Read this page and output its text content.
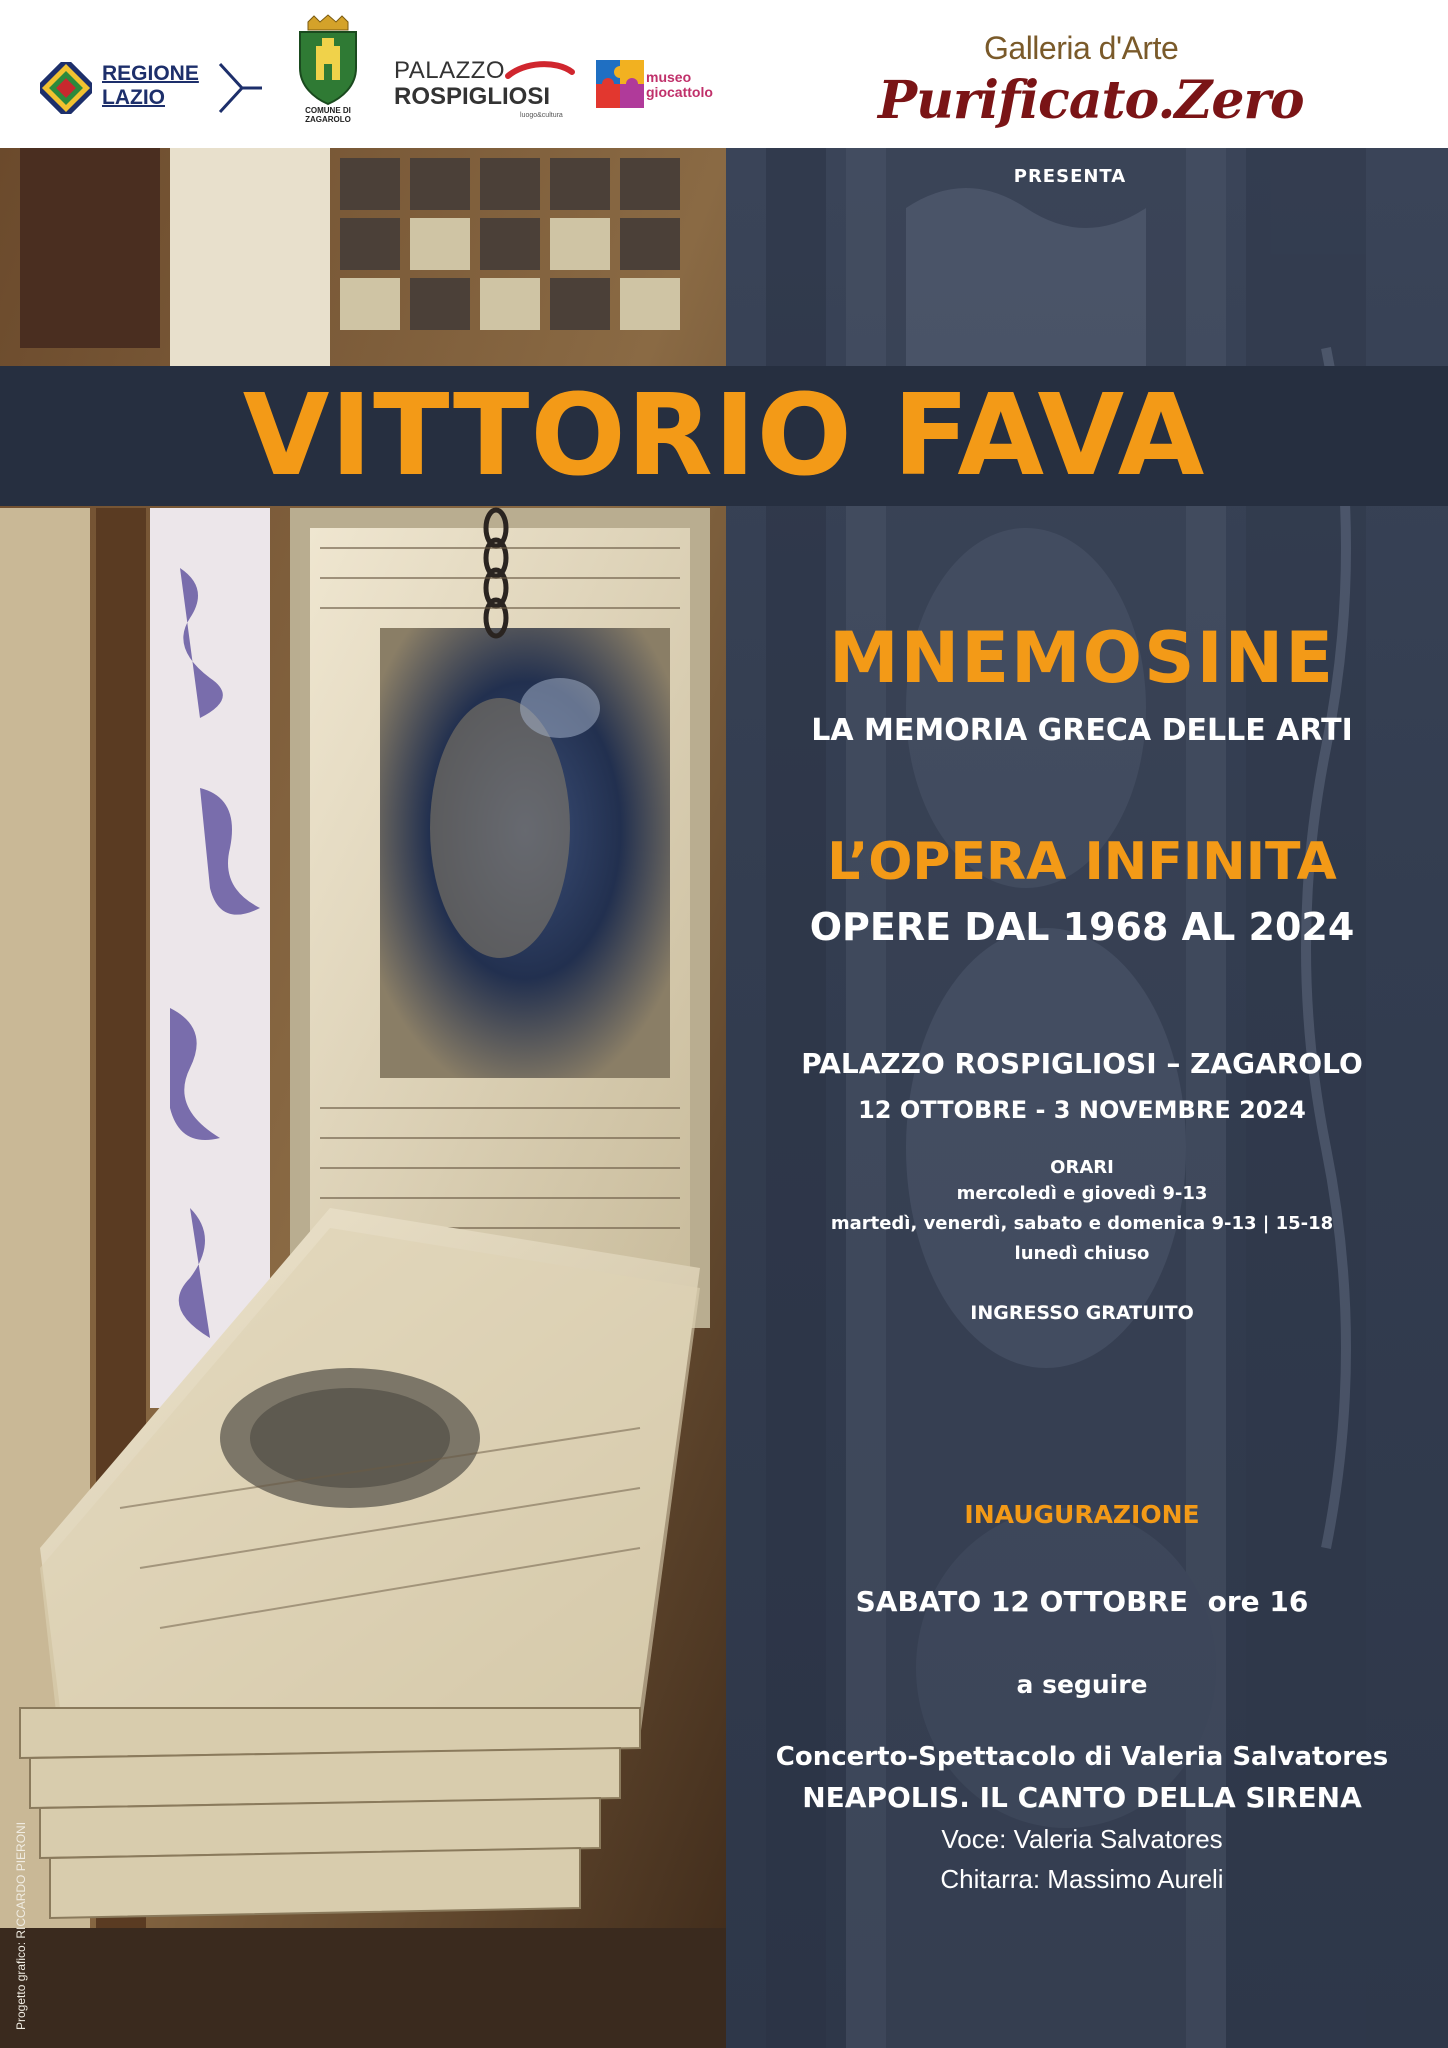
REGIONE
LAZIO
COMUNE DI
ZAGAROLO
PALAZZO
ROSPIGLIOSI
luogo&cultura
museo
giocattolo
Galleria d'Arte
Purificato.Zero
VITTORIO FAVA
PRESENTA
MNEMOSINE
LA MEMORIA GRECA DELLE ARTI
L’OPERA INFINITA
OPERE DAL 1968 AL 2024
PALAZZO ROSPIGLIOSI – ZAGAROLO
12 OTTOBRE - 3 NOVEMBRE 2024
ORARI
mercoledì e giovedì 9-13
martedì, venerdì, sabato e domenica 9-13 | 15-18
lunedì chiuso
INGRESSO GRATUITO
INAUGURAZIONE
SABATO 12 OTTOBRE  ore 16
a seguire
Concerto-Spettacolo di Valeria Salvatores
NEAPOLIS. IL CANTO DELLA SIRENA
Voce: Valeria Salvatores
Chitarra: Massimo Aureli
Progetto grafico: RICCARDO PIERONI
